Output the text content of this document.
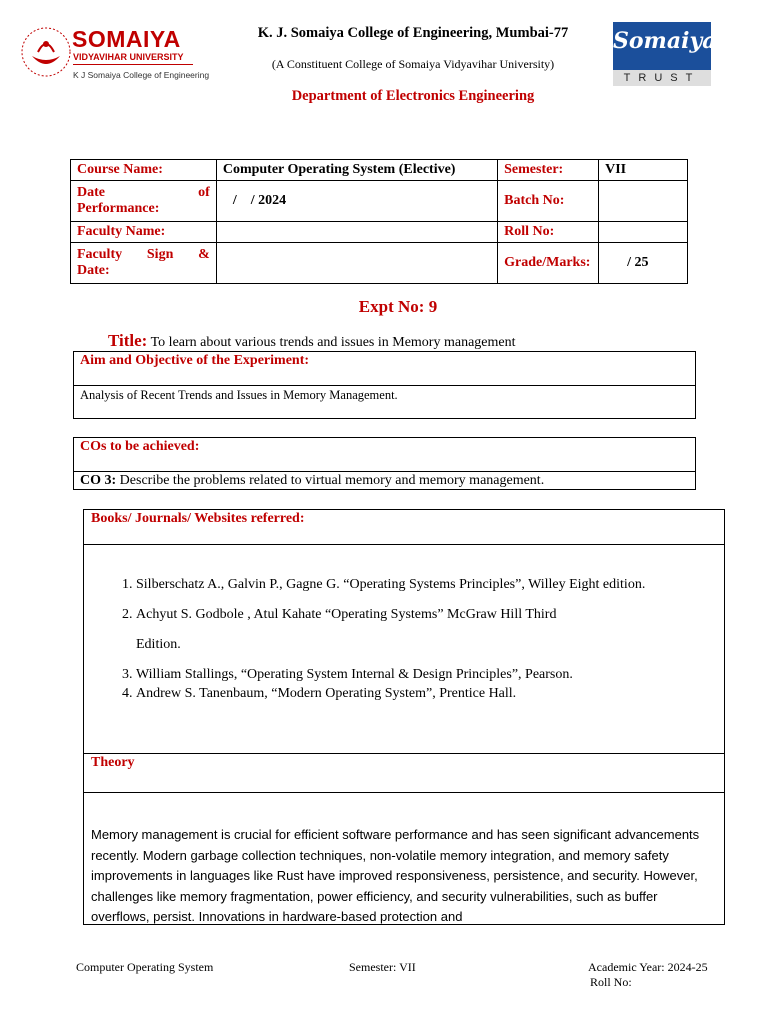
SOMAIYA
VIDYAVIHAR UNIVERSITY
K J Somaiya College of Engineering
Somaiya
TRUST
K. J. Somaiya College of Engineering, Mumbai-77
(A Constituent College of Somaiya Vidyavihar University)
Department of Electronics Engineering
Course Name:	Computer Operating System (Elective)	Semester:	VII

Date of
Performance:	/    / 2024	Batch No:	
Faculty Name:		Roll No:	

Faculty Sign &
Date:		Grade/Marks:	/ 25
Expt No: 9
Title: To learn about various trends and issues in Memory management
Aim and Objective of the Experiment:
Analysis of Recent Trends and Issues in Memory Management.
COs to be achieved:
CO 3: Describe the problems related to virtual memory and memory management.
Books/ Journals/ Websites referred:
1. Silberschatz A., Galvin P., Gagne G. “Operating Systems Principles”, Willey Eight edition.
2. Achyut S. Godbole , Atul Kahate “Operating Systems” McGraw Hill Third
Edition.
3. William Stallings, “Operating System Internal & Design Principles”, Pearson.
4. Andrew S. Tanenbaum, “Modern Operating System”, Prentice Hall.
Theory

Memory management is crucial for efficient software performance and has seen significant advancements recently. Modern garbage collection techniques, non-volatile memory integration, and memory safety improvements in languages like Rust have improved responsiveness, persistence, and security. However, challenges like memory fragmentation, power efficiency, and security vulnerabilities, such as buffer overflows, persist. Innovations in hardware-based protection and

Computer Operating System	Semester: VII	Academic Year: 2024-25
Roll No:
